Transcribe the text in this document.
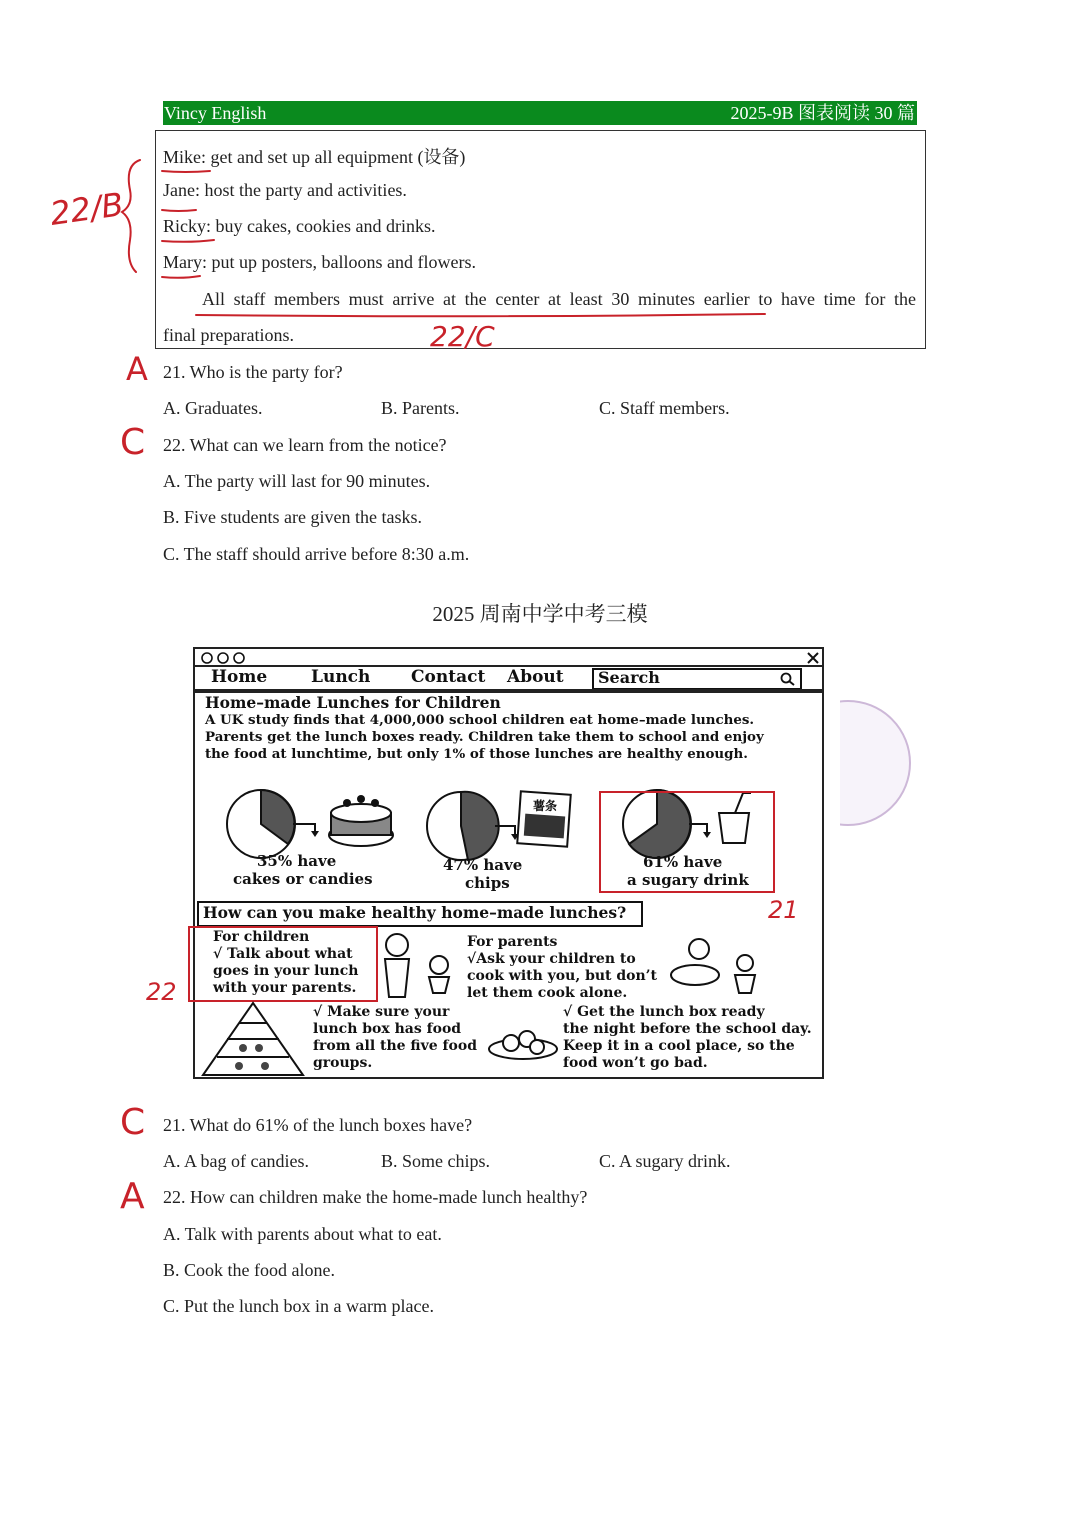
Vincy English	2025-9B 图表阅读 30 篇
Mike: get and set up all equipment (设备)
Jane: host the party and activities.
Ricky: buy cakes, cookies and drinks.
Mary: put up posters, balloons and flowers.
All staff members must arrive at the center at least 30 minutes earlier to have time for the
final preparations.
22/B
22/C
A 21. Who is the party for?
A. Graduates.	B. Parents.	C. Staff members.
C 22. What can we learn from the notice?
A. The party will last for 90 minutes.
B. Five students are given the tasks.
C. The staff should arrive before 8:30 a.m.
2025 周南中学中考三模
Home	Lunch Contact About Search
Home–made Lunches for Children
A UK study finds that 4,000,000 school children eat home–made lunches.
Parents get the lunch boxes ready. Children take them to school and enjoy
the food at lunchtime, but only 1% of those lunches are healthy enough.
35% have
cakes or candies
薯条
47% have
chips
61% have
a sugary drink
How can you make healthy home–made lunches?
For children
√ Talk about what
goes in your lunch
with your parents.
For parents
√Ask your children to
cook with you, but don’t
let them cook alone.
√ Make sure your
lunch box has food
from all the five food
groups.
√ Get the lunch box ready
the night before the school day.
Keep it in a cool place, so the
food won’t go bad.
21
22
C 21. What do 61% of the lunch boxes have?
A. A bag of candies.	B. Some chips.	C. A sugary drink.
A 22. How can children make the home-made lunch healthy?
A. Talk with parents about what to eat.
B. Cook the food alone.
C. Put the lunch box in a warm place.
